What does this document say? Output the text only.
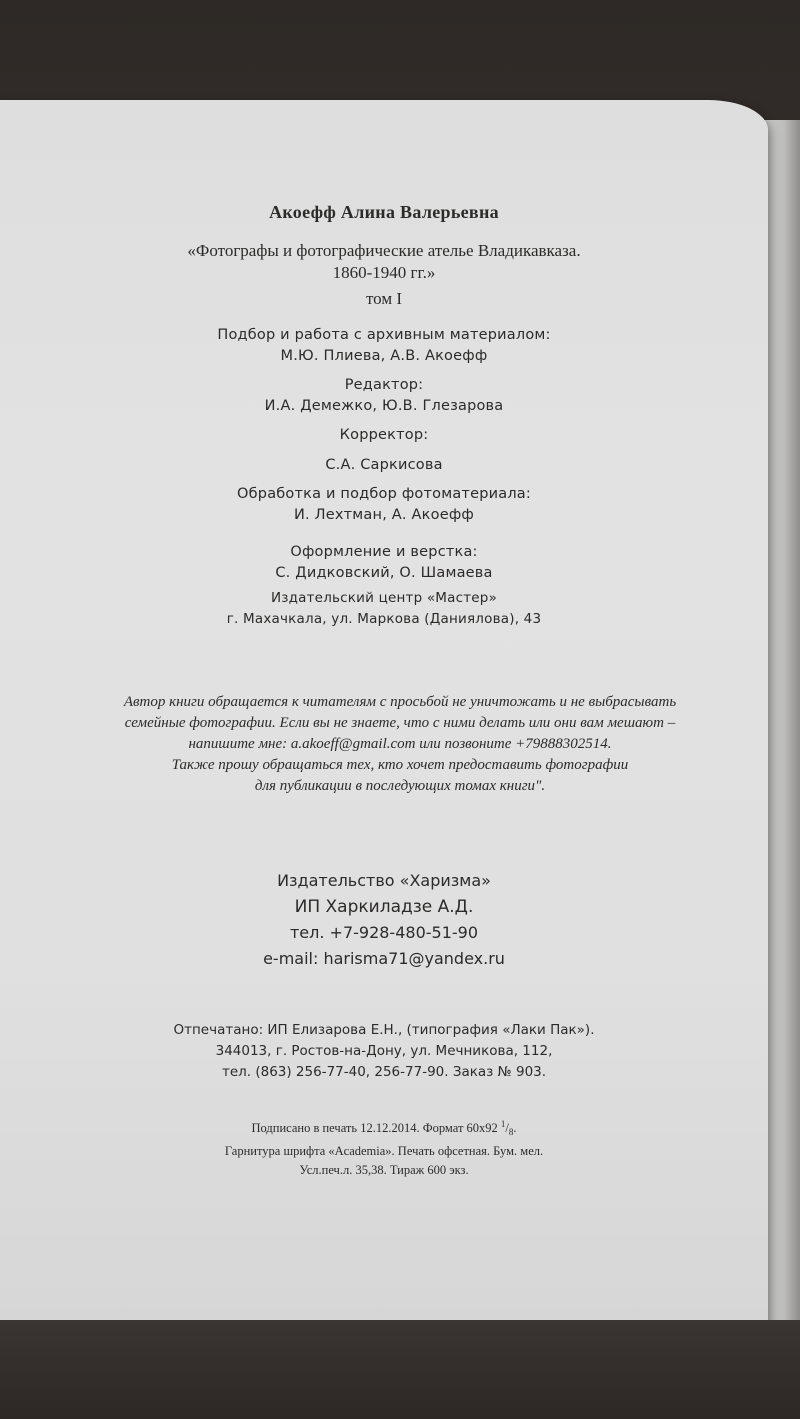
Акоефф Алина Валерьевна
«Фотографы и фотографические ателье Владикавказа.
1860-1940 гг.»
том I
Подбор и работа с архивным материалом:
М.Ю. Плиева, А.В. Акоефф
Редактор:
И.А. Демежко, Ю.В. Глезарова
Корректор:
С.А. Саркисова
Обработка и подбор фотоматериала:
И. Лехтман, А. Акоефф
Оформление и верстка:
С. Дидковский, О. Шамаева
Издательский центр «Мастер»
г. Махачкала, ул. Маркова (Даниялова), 43
Автор книги обращается к читателям с просьбой не уничтожать и не выбрасывать
семейные фотографии. Если вы не знаете, что с ними делать или они вам мешают –
напишите мне: a.akoeff@gmail.com или позвоните +79888302514.
Также прошу обращаться тех, кто хочет предоставить фотографии
для публикации в последующих томах книги".
Издательство «Харизма»
ИП Харкиладзе А.Д.
тел. +7-928-480-51-90
e-mail: harisma71@yandex.ru
Отпечатано: ИП Елизарова Е.Н., (типография «Лаки Пак»).
344013, г. Ростов-на-Дону, ул. Мечникова, 112,
тел. (863) 256-77-40, 256-77-90. Заказ № 903.
Подписано в печать 12.12.2014. Формат 60х92 $^1/_8$.
Гарнитура шрифта «Academia». Печать офсетная. Бум. мел.
Усл.печ.л. 35,38. Тираж 600 экз.
